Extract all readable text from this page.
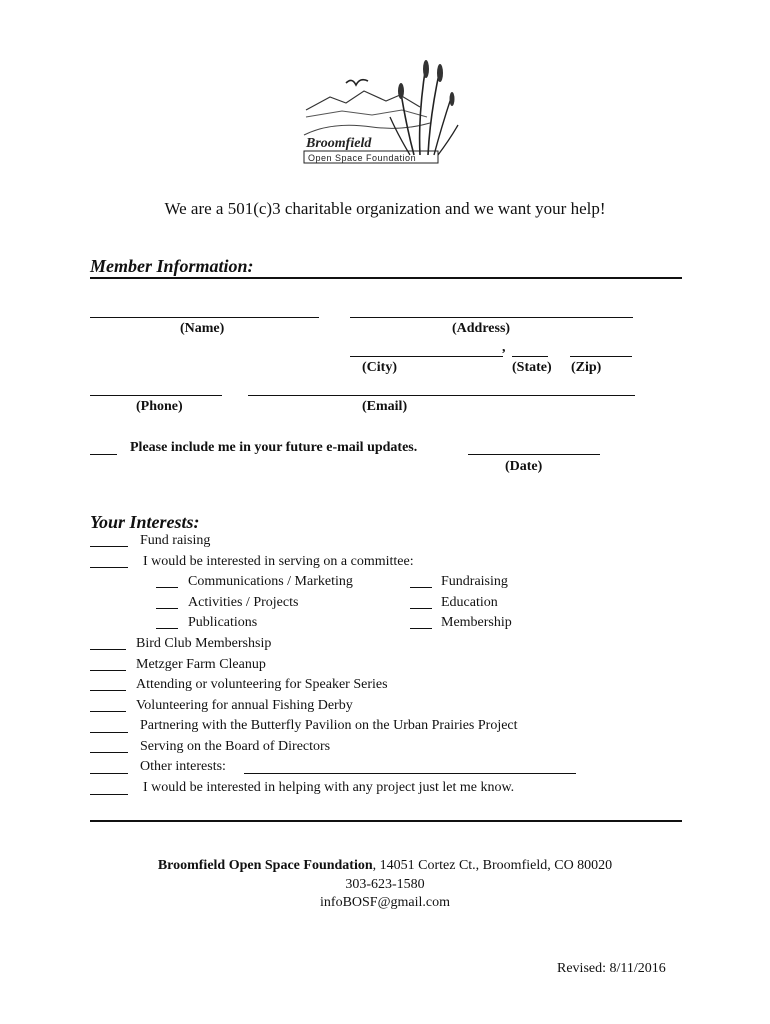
Broomfield
Open Space Foundation
We are a 501(c)3 charitable organization and we want your help!
Member Information:
(Name)	(Address)
,
(City)	(State) (Zip)
(Phone)	(Email)
Please include me in your future e-mail updates.
(Date)
Your Interests:
Fund raising
I would be interested in serving on a committee:
Communications / Marketing	Fundraising
Activities / Projects	Education
Publications	Membership
Bird Club Membershsip
Metzger Farm Cleanup
Attending or volunteering for Speaker Series
Volunteering for annual Fishing Derby
Partnering with the Butterfly Pavilion on the Urban Prairies Project
Serving on the Board of Directors
Other interests:
I would be interested in helping with any project just let me know.
Broomfield Open Space Foundation, 14051 Cortez Ct., Broomfield, CO 80020
303-623-1580
infoBOSF@gmail.com
Revised: 8/11/2016
